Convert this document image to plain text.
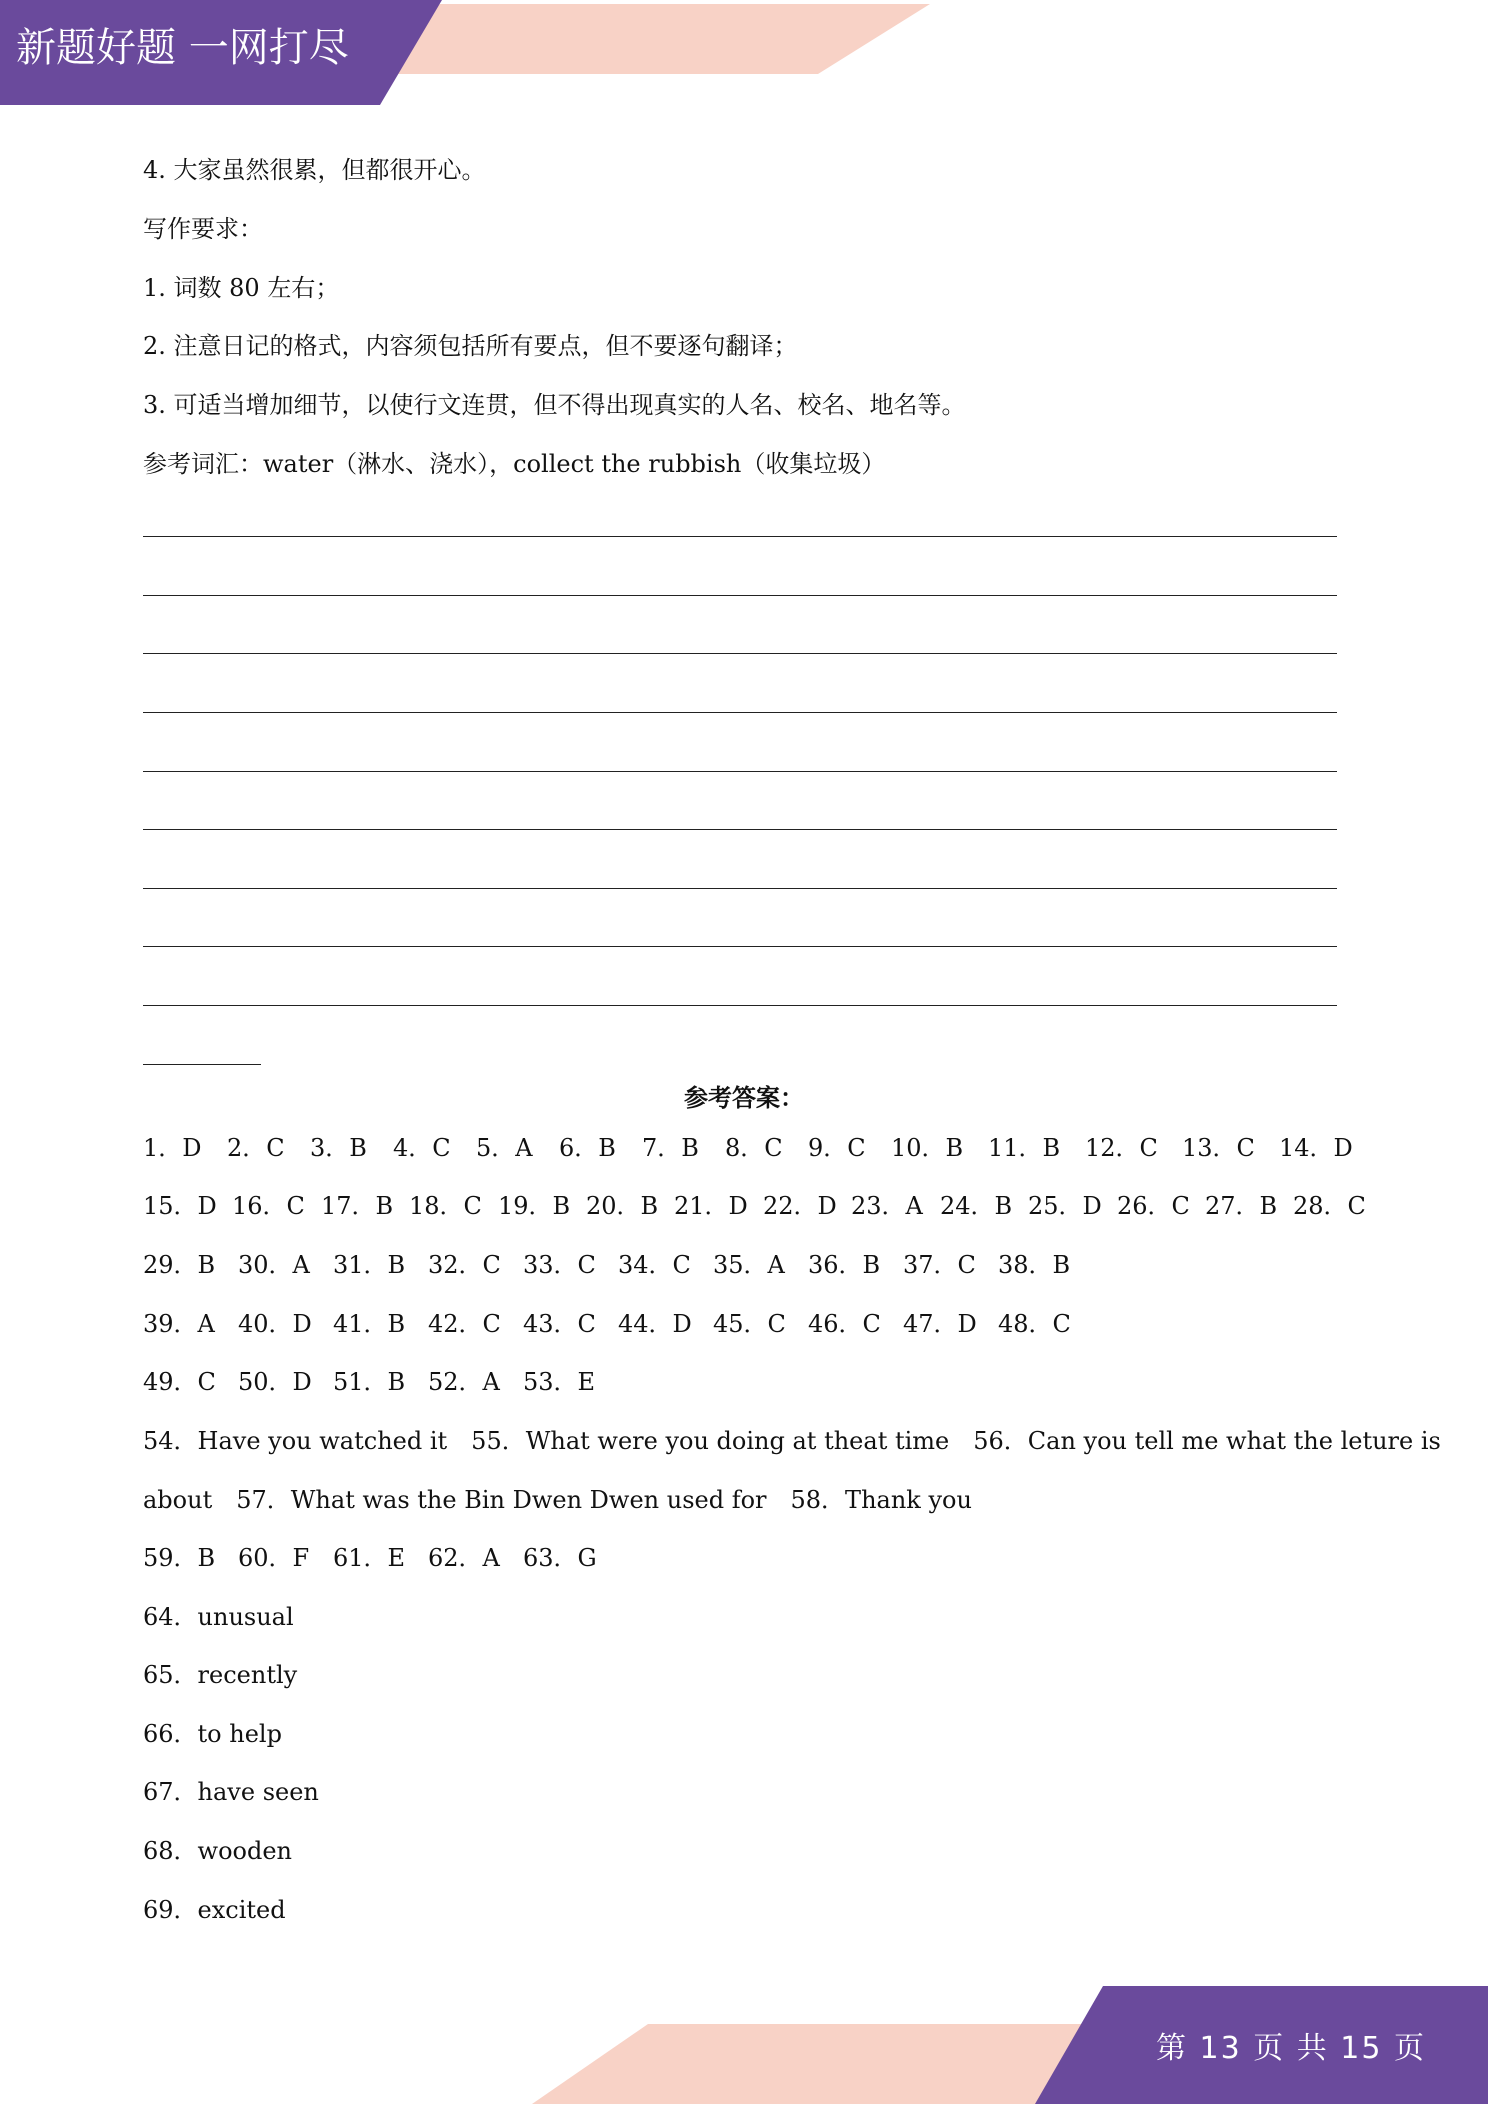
新题好题 一网打尽
4. 大家虽然很累，但都很开心。
写作要求：
1. 词数 80 左右；
2. 注意日记的格式，内容须包括所有要点，但不要逐句翻译；
3. 可适当增加细节，以使行文连贯，但不得出现真实的人名、校名、地名等。
参考词汇：water（淋水、浇水），collect the rubbish（收集垃圾）
参考答案：
1．D 2．C 3．B 4．C 5．A 6．B 7．B 8．C 9．C 10．B 11．B 12．C 13．C 14．D
15．D 16．C 17．B 18．C 19．B 20．B 21．D 22．D 23．A 24．B 25．D 26．C 27．B 28．C
29．B 30．A 31．B 32．C 33．C 34．C 35．A 36．B 37．C 38．B
39．A 40．D 41．B 42．C 43．C 44．D 45．C 46．C 47．D 48．C
49．C 50．D 51．B 52．A 53．E
54．Have you watched it　55．What were you doing at theat time　56．Can you tell me what the leture is
about　57．What was the Bin Dwen Dwen used for　58．Thank you
59．B 60．F 61．E 62．A 63．G
64．unusual
65．recently
66．to help
67．have seen
68．wooden
69．excited
第 13 页 共 15 页
